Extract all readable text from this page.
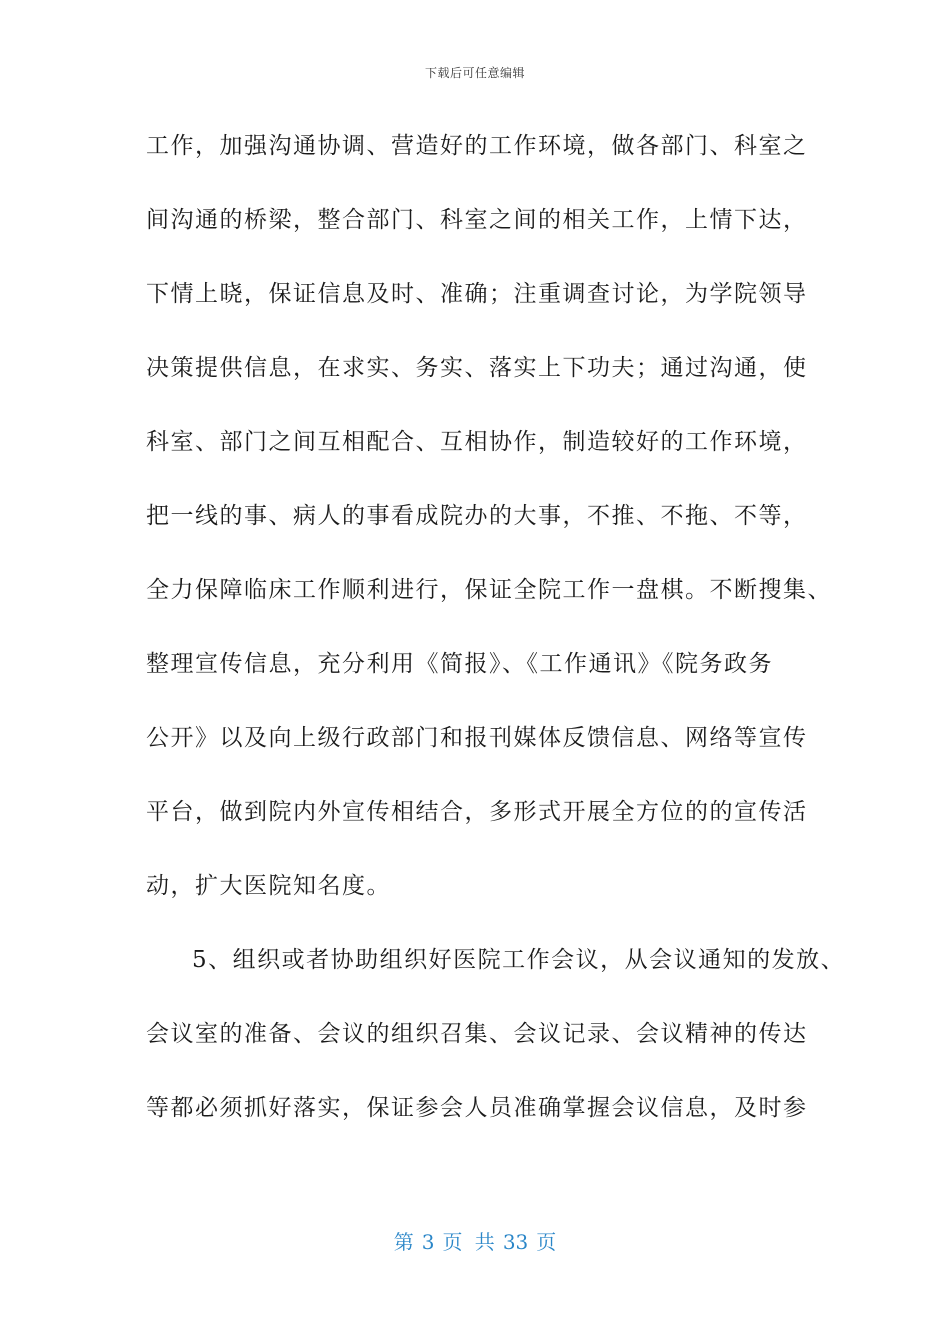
下载后可任意编辑
工作，加强沟通协调、营造好的工作环境，做各部门、科室之
间沟通的桥梁，整合部门、科室之间的相关工作，上情下达，
下情上晓，保证信息及时、准确；注重调查讨论，为学院领导
决策提供信息，在求实、务实、落实上下功夫；通过沟通，使
科室、部门之间互相配合、互相协作，制造较好的工作环境，
把一线的事、病人的事看成院办的大事，不推、不拖、不等，
全力保障临床工作顺利进行，保证全院工作一盘棋。不断搜集、
整理宣传信息，充分利用《简报》、《工作通讯》《院务政务
公开》以及向上级行政部门和报刊媒体反馈信息、网络等宣传
平台，做到院内外宣传相结合，多形式开展全方位的的宣传活
动，扩大医院知名度。
5、组织或者协助组织好医院工作会议，从会议通知的发放、
会议室的准备、会议的组织召集、会议记录、会议精神的传达
等都必须抓好落实，保证参会人员准确掌握会议信息，及时参
第 3 页 共 33 页
